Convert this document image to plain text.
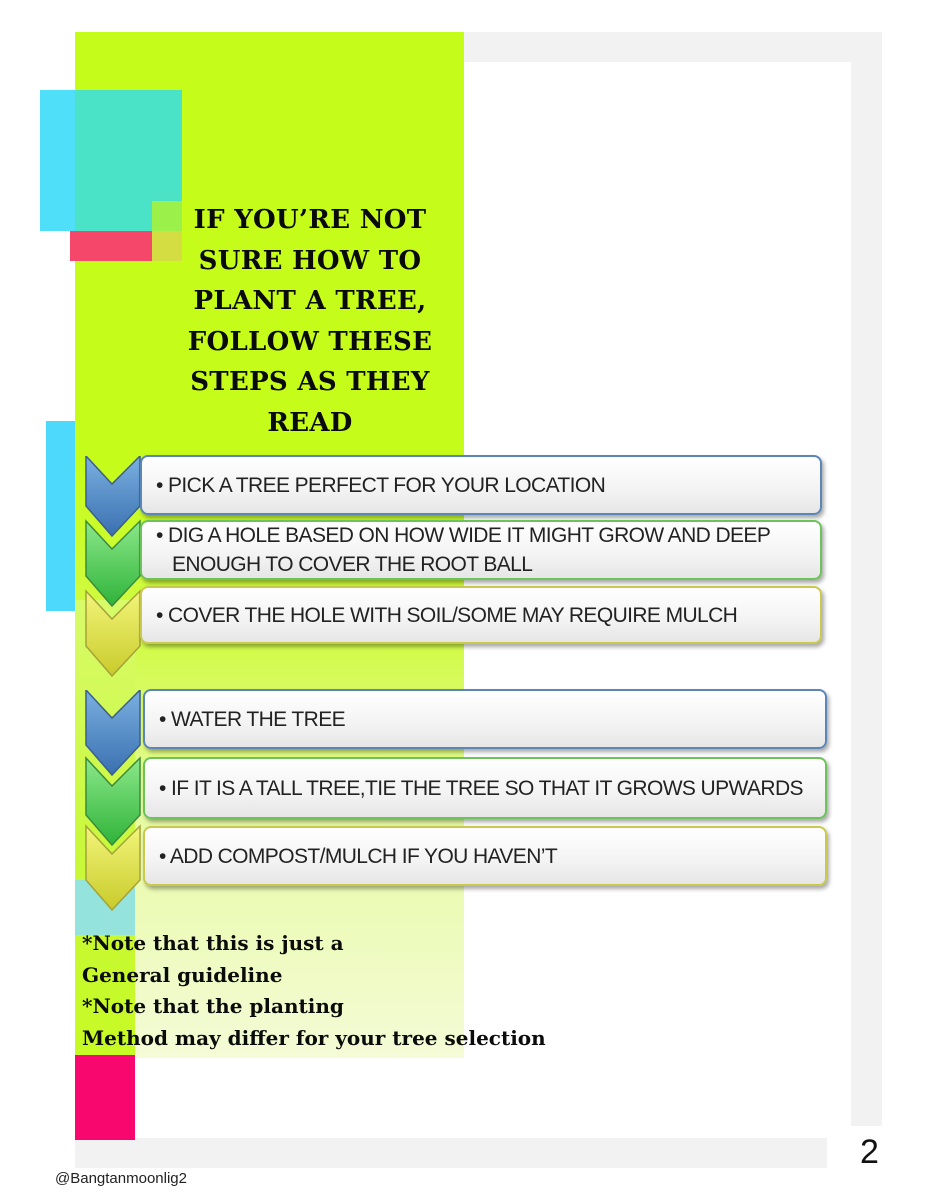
IF YOU’RE NOT
SURE HOW TO
PLANT A TREE,
FOLLOW THESE
STEPS AS THEY
READ
• PICK A TREE PERFECT FOR YOUR LOCATION
• DIG A HOLE BASED ON HOW WIDE IT MIGHT GROW AND DEEP
ENOUGH TO COVER THE ROOT BALL
• COVER THE HOLE WITH SOIL/SOME MAY REQUIRE MULCH
• WATER THE TREE
• IF IT IS A TALL TREE,TIE THE TREE SO THAT IT GROWS UPWARDS
• ADD COMPOST/MULCH IF YOU HAVEN’T
*Note that this is just a
General guideline
*Note that the planting
Method may differ for your tree selection
2
@Bangtanmoonlig2
